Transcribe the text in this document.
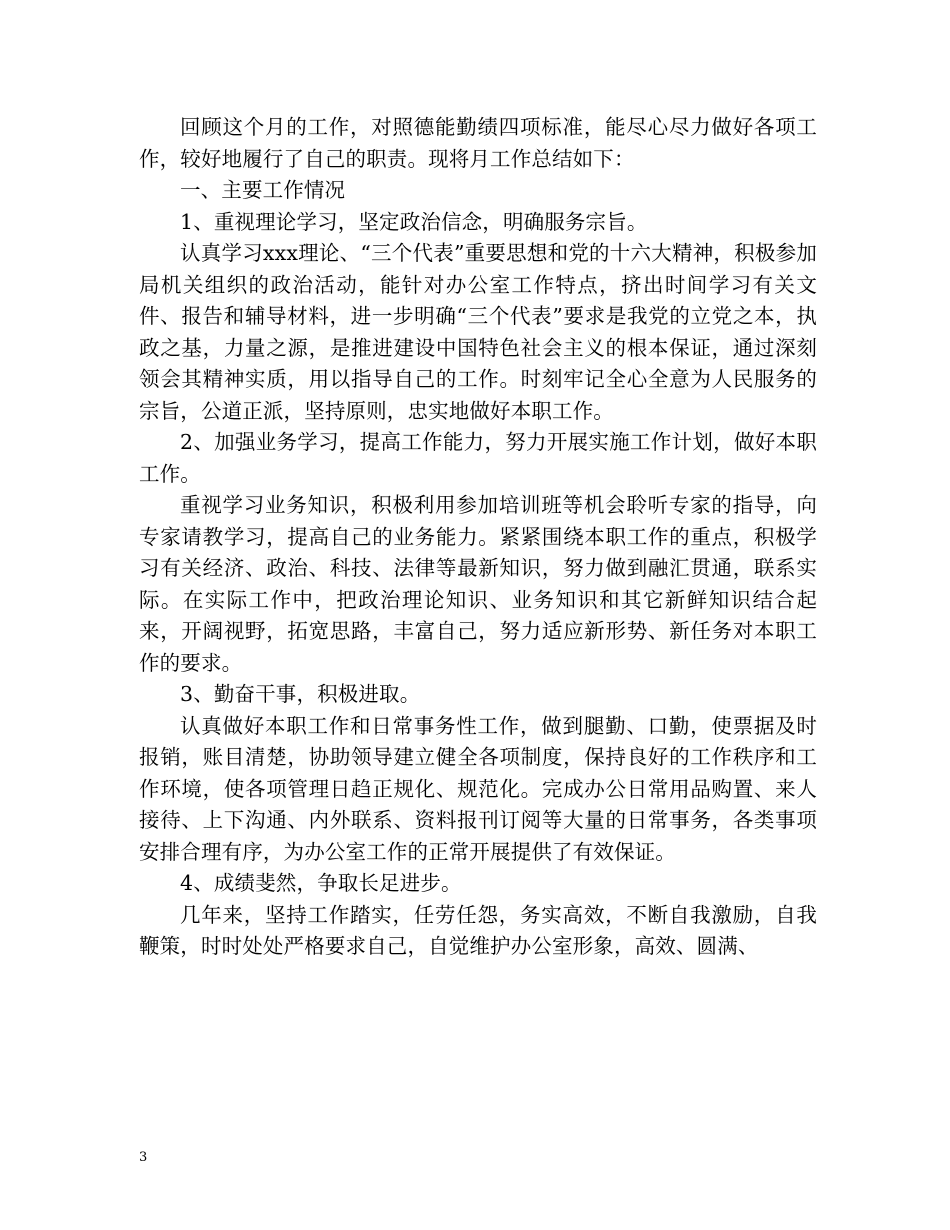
回顾这个月的工作，对照德能勤绩四项标准，能尽心尽力做好各项工作，较好地履行了自己的职责。现将月工作总结如下：

一、主要工作情况

1、重视理论学习，坚定政治信念，明确服务宗旨。

认真学习xxx理论、“三个代表”重要思想和党的十六大精神，积极参加局机关组织的政治活动，能针对办公室工作特点，挤出时间学习有关文件、报告和辅导材料，进一步明确“三个代表”要求是我党的立党之本，执政之基，力量之源，是推进建设中国特色社会主义的根本保证，通过深刻领会其精神实质，用以指导自己的工作。时刻牢记全心全意为人民服务的宗旨，公道正派，坚持原则，忠实地做好本职工作。

2、加强业务学习，提高工作能力，努力开展实施工作计划，做好本职工作。

重视学习业务知识，积极利用参加培训班等机会聆听专家的指导，向专家请教学习，提高自己的业务能力。紧紧围绕本职工作的重点，积极学习有关经济、政治、科技、法律等最新知识，努力做到融汇贯通，联系实际。在实际工作中，把政治理论知识、业务知识和其它新鲜知识结合起来，开阔视野，拓宽思路，丰富自己，努力适应新形势、新任务对本职工作的要求。

3、勤奋干事，积极进取。

认真做好本职工作和日常事务性工作，做到腿勤、口勤，使票据及时报销，账目清楚，协助领导建立健全各项制度，保持良好的工作秩序和工作环境，使各项管理日趋正规化、规范化。完成办公日常用品购置、来人接待、上下沟通、内外联系、资料报刊订阅等大量的日常事务，各类事项安排合理有序，为办公室工作的正常开展提供了有效保证。

4、成绩斐然，争取长足进步。

几年来，坚持工作踏实，任劳任怨，务实高效，不断自我激励，自我鞭策，时时处处严格要求自己，自觉维护办公室形象，高效、圆满、

3
